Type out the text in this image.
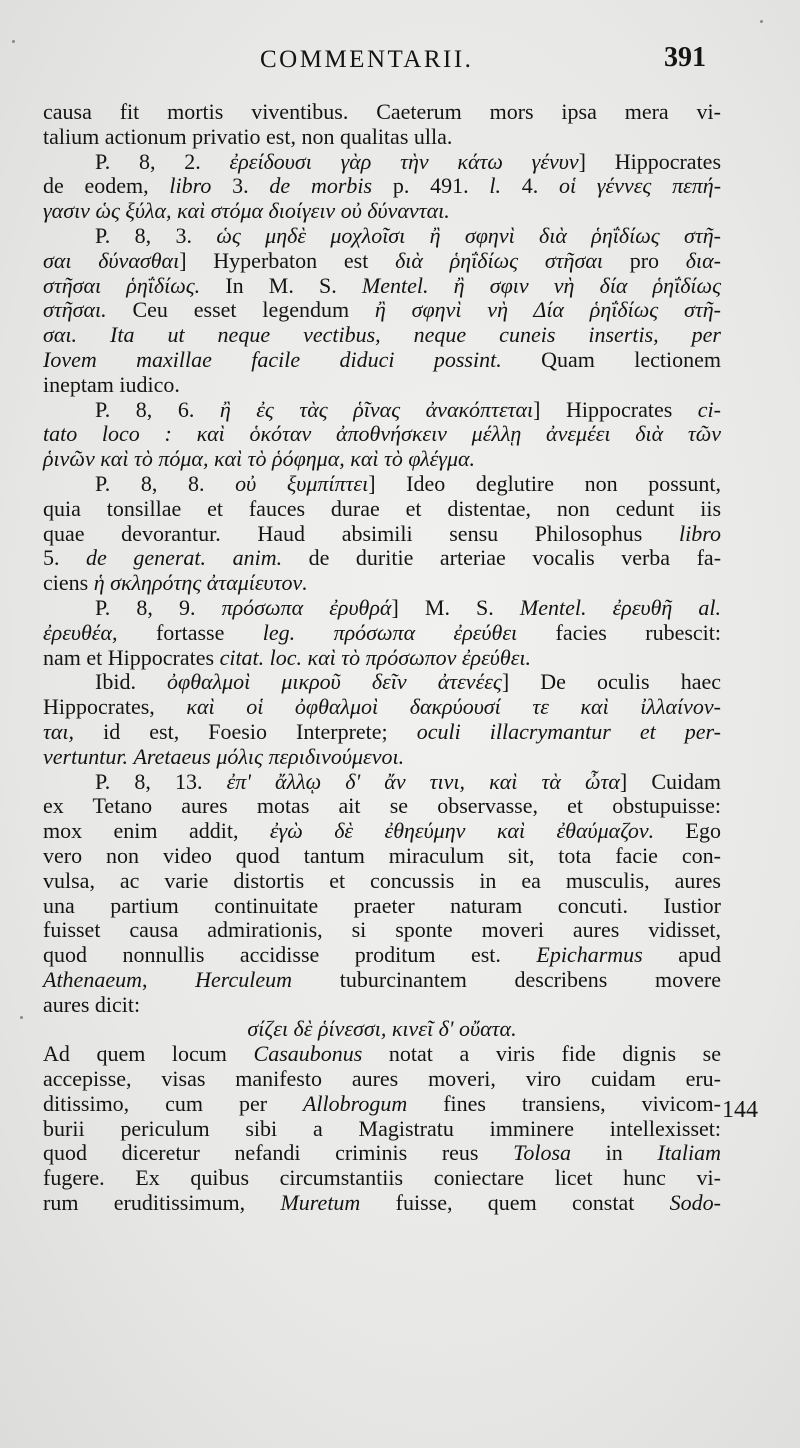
COMMENTARII.	391
causa fit mortis viventibus. Caeterum mors ipsa mera vi-
talium actionum privatio est, non qualitas ulla.
P. 8, 2. ἐρείδουσι γὰρ τὴν κάτω γένυν] Hippocrates
de eodem, libro 3. de morbis p. 491. l. 4. οἱ γέννες πεπή-
γασιν ὡς ξύλα, καὶ στόμα διοίγειν οὐ δύνανται.
P. 8, 3. ὡς μηδὲ μοχλοῖσι ἢ σφηνὶ διὰ ῥηΐδίως στῆ-
σαι δύνασθαι] Hyperbaton est διὰ ῥηΐδίως στῆσαι pro δια-
στῆσαι ῥηΐδίως. In M. S. Mentel. ἢ σφιν νὴ δία ῥηΐδίως
στῆσαι. Ceu esset legendum ἢ σφηνὶ νὴ Δία ῥηΐδίως στῆ-
σαι. Ita ut neque vectibus, neque cuneis insertis, per
Iovem maxillae facile diduci possint. Quam lectionem
ineptam iudico.
P. 8, 6. ἢ ἐς τὰς ῥῖνας ἀνακόπτεται] Hippocrates ci-
tato loco : καὶ ὁκόταν ἀποθνήσκειν μέλλῃ ἀνεμέει διὰ τῶν
ῥινῶν καὶ τὸ πόμα, καὶ τὸ ῥόφημα, καὶ τὸ φλέγμα.
P. 8, 8. οὐ ξυμπίπτει] Ideo deglutire non possunt,
quia tonsillae et fauces durae et distentae, non cedunt iis
quae devorantur. Haud absimili sensu Philosophus libro
5. de generat. anim. de duritie arteriae vocalis verba fa-
ciens ἡ σκληρότης ἀταμίευτον.
P. 8, 9. πρόσωπα ἐρυθρά] M. S. Mentel. ἐρευθῆ al.
ἐρευθέα, fortasse leg. πρόσωπα ἐρεύθει facies rubescit:
nam et Hippocrates citat. loc. καὶ τὸ πρόσωπον ἐρεύθει.
Ibid. ὀφθαλμοὶ μικροῦ δεῖν ἀτενέες] De oculis haec
Hippocrates, καὶ οἱ ὀφθαλμοὶ δακρύουσί τε καὶ ἰλλαίνον-
ται, id est, Foesio Interprete; oculi illacrymantur et per-
vertuntur. Aretaeus μόλις περιδινούμενοι.
P. 8, 13. ἐπ' ἄλλῳ δ' ἄν τινι, καὶ τὰ ὦτα] Cuidam
ex Tetano aures motas ait se observasse, et obstupuisse:
mox enim addit, ἐγὼ δὲ ἐθηεύμην καὶ ἐθαύμαζον. Ego
vero non video quod tantum miraculum sit, tota facie con-
vulsa, ac varie distortis et concussis in ea musculis, aures
una partium continuitate praeter naturam concuti. Iustior
fuisset causa admirationis, si sponte moveri aures vidisset,
quod nonnullis accidisse proditum est. Epicharmus apud
Athenaeum, Herculeum tuburcinantem describens movere
aures dicit:
σίζει δὲ ῥίνεσσι, κινεῖ δ' οὔατα.
Ad quem locum Casaubonus notat a viris fide dignis se
accepisse, visas manifesto aures moveri, viro cuidam eru-
ditissimo, cum per Allobrogum fines transiens, vivicom-
burii periculum sibi a Magistratu imminere intellexisset:
quod diceretur nefandi criminis reus Tolosa in Italiam
fugere. Ex quibus circumstantiis coniectare licet hunc vi-
rum eruditissimum, Muretum fuisse, quem constat Sodo-
144
